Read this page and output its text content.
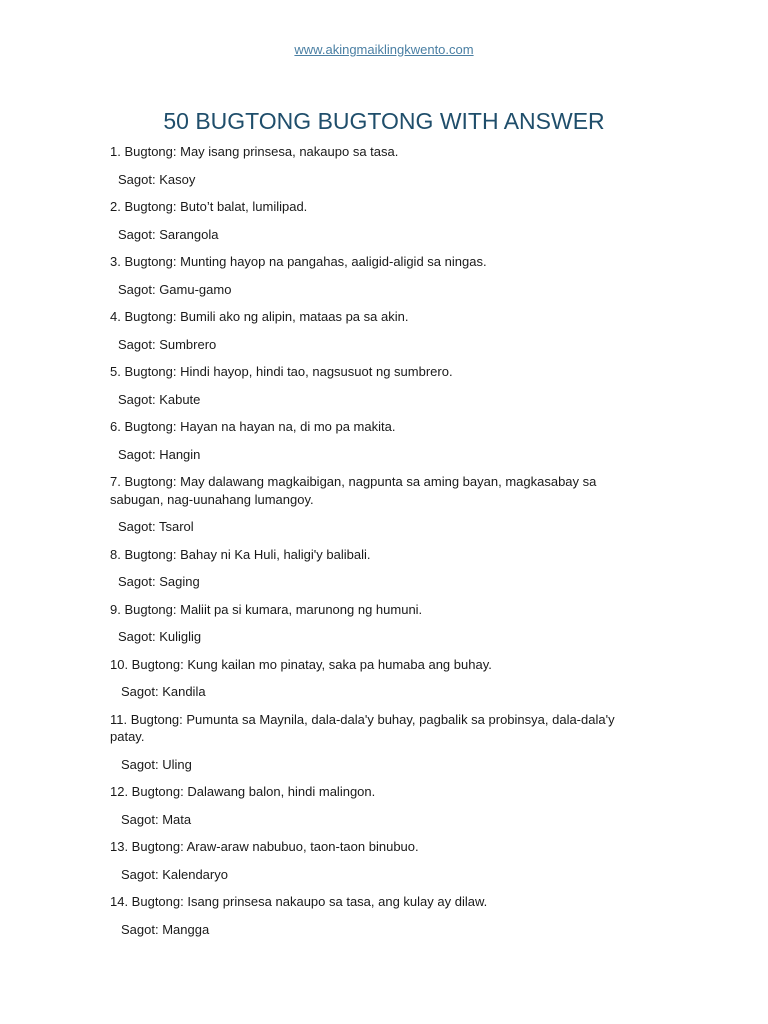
www.akingmaiklingkwento.com
50 BUGTONG BUGTONG WITH ANSWER

1. Bugtong: May isang prinsesa, nakaupo sa tasa.

Sagot: Kasoy

2. Bugtong: Buto’t balat, lumilipad.

Sagot: Sarangola

3. Bugtong: Munting hayop na pangahas, aaligid-aligid sa ningas.

Sagot: Gamu-gamo

4. Bugtong: Bumili ako ng alipin, mataas pa sa akin.

Sagot: Sumbrero

5. Bugtong: Hindi hayop, hindi tao, nagsusuot ng sumbrero.

Sagot: Kabute

6. Bugtong: Hayan na hayan na, di mo pa makita.

Sagot: Hangin

7. Bugtong: May dalawang magkaibigan, nagpunta sa aming bayan, magkasabay sa sabugan, nag-uunahang lumangoy.

Sagot: Tsarol

8. Bugtong: Bahay ni Ka Huli, haligi'y balibali.

Sagot: Saging

9. Bugtong: Maliit pa si kumara, marunong ng humuni.

Sagot: Kuliglig

10. Bugtong: Kung kailan mo pinatay, saka pa humaba ang buhay.

Sagot: Kandila

11. Bugtong: Pumunta sa Maynila, dala-dala'y buhay, pagbalik sa probinsya, dala-dala'y patay.

Sagot: Uling

12. Bugtong: Dalawang balon, hindi malingon.

Sagot: Mata

13. Bugtong: Araw-araw nabubuo, taon-taon binubuo.

Sagot: Kalendaryo

14. Bugtong: Isang prinsesa nakaupo sa tasa, ang kulay ay dilaw.

Sagot: Mangga
